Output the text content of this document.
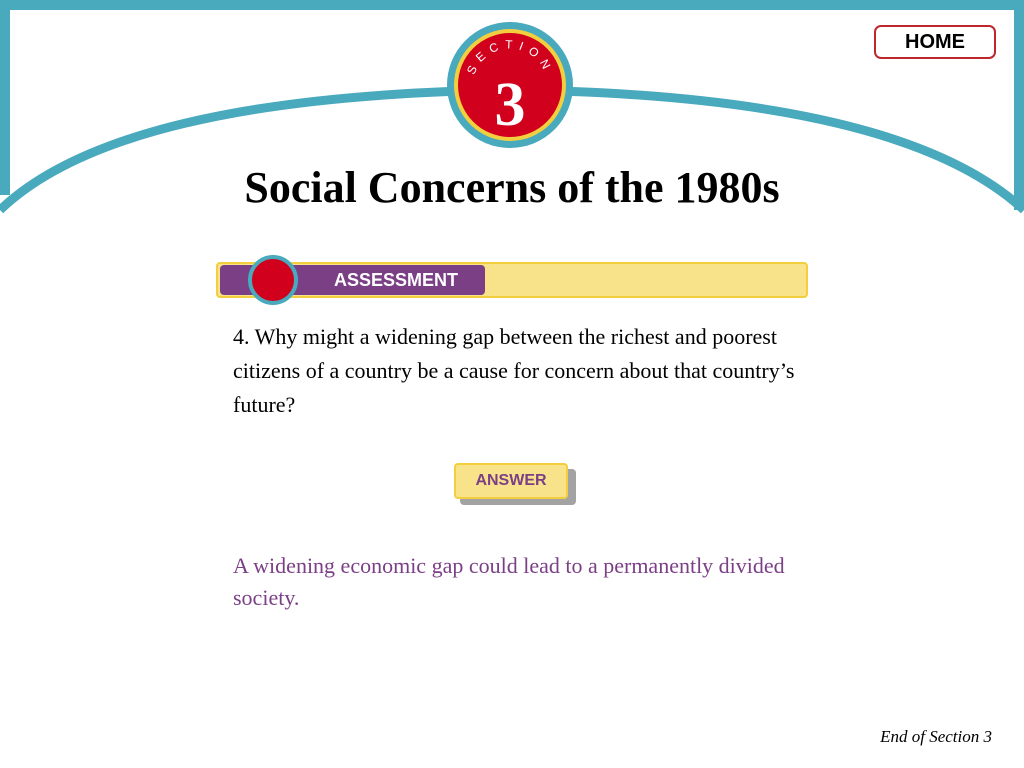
HOME
SECTION
3
Social Concerns of the 1980s
ASSESSMENT
4. Why might a widening gap between the richest and poorest citizens of a country be a cause for concern about that country’s future?
ANSWER
A widening economic gap could lead to a permanently divided society.
End of Section 3
